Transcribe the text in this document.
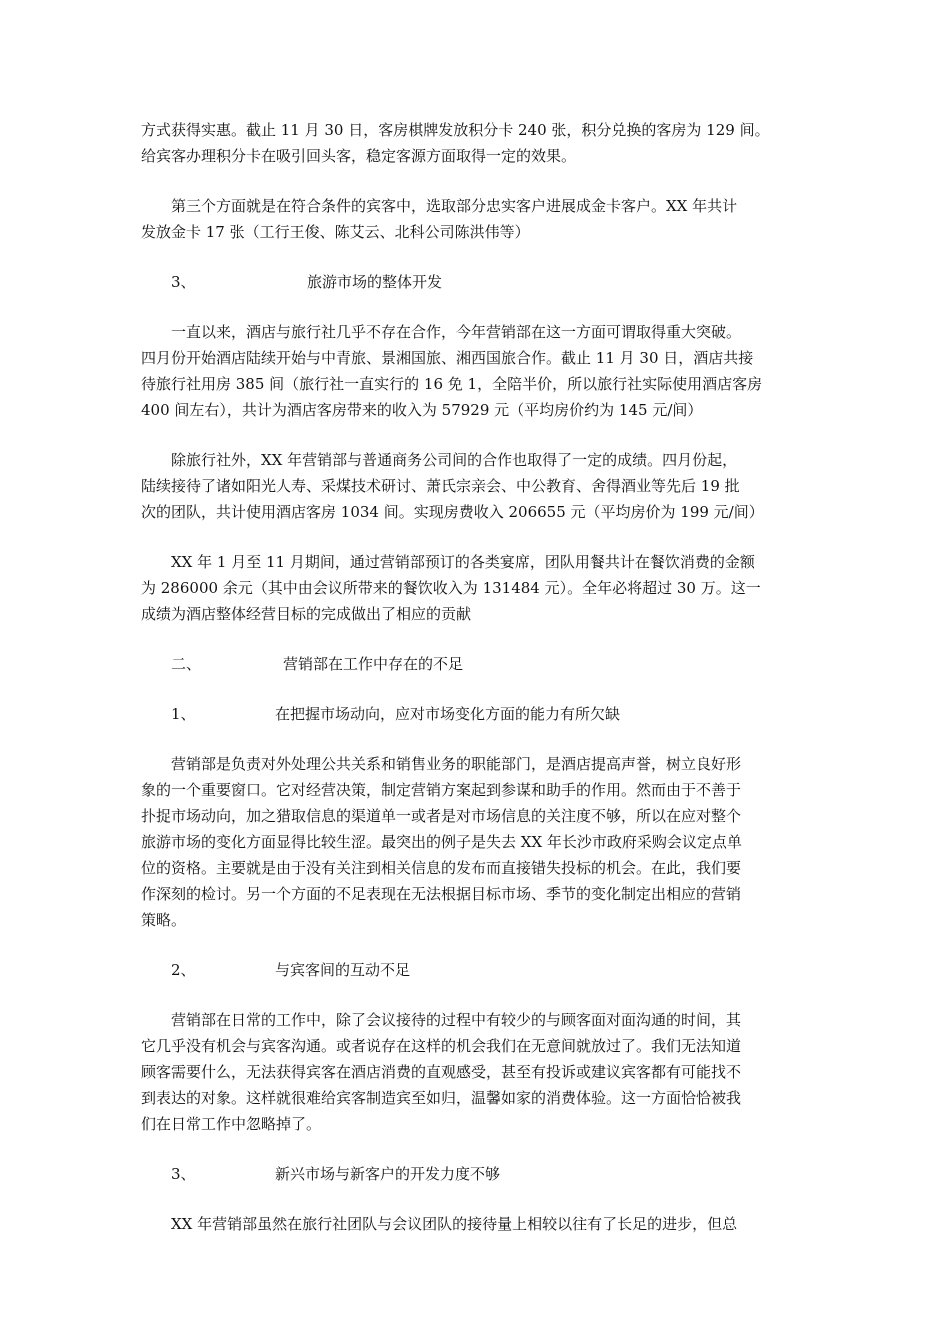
方式获得实惠。截止 11 月 30 日，客房棋牌发放积分卡 240 张，积分兑换的客房为 129 间。
给宾客办理积分卡在吸引回头客，稳定客源方面取得一定的效果。
第三个方面就是在符合条件的宾客中，选取部分忠实客户进展成金卡客户。XX 年共计
发放金卡 17 张（工行王俊、陈艾云、北科公司陈洪伟等）
3、	旅游市场的整体开发
一直以来，酒店与旅行社几乎不存在合作，今年营销部在这一方面可谓取得重大突破。
四月份开始酒店陆续开始与中青旅、景湘国旅、湘西国旅合作。截止 11 月 30 日，酒店共接
待旅行社用房 385 间（旅行社一直实行的 16 免 1，全陪半价，所以旅行社实际使用酒店客房
400 间左右），共计为酒店客房带来的收入为 57929 元（平均房价约为 145 元/间）
除旅行社外，XX 年营销部与普通商务公司间的合作也取得了一定的成绩。四月份起，
陆续接待了诸如阳光人寿、采煤技术研讨、萧氏宗亲会、中公教育、舍得酒业等先后 19 批
次的团队，共计使用酒店客房 1034 间。实现房费收入 206655 元（平均房价为 199 元/间）
XX 年 1 月至 11 月期间，通过营销部预订的各类宴席，团队用餐共计在餐饮消费的金额
为 286000 余元（其中由会议所带来的餐饮收入为 131484 元）。全年必将超过 30 万。这一
成绩为酒店整体经营目标的完成做出了相应的贡献
二、	营销部在工作中存在的不足
1、	在把握市场动向，应对市场变化方面的能力有所欠缺
营销部是负责对外处理公共关系和销售业务的职能部门，是酒店提高声誉，树立良好形
象的一个重要窗口。它对经营决策，制定营销方案起到参谋和助手的作用。然而由于不善于
扑捉市场动向，加之猎取信息的渠道单一或者是对市场信息的关注度不够，所以在应对整个
旅游市场的变化方面显得比较生涩。最突出的例子是失去 XX 年长沙市政府采购会议定点单
位的资格。主要就是由于没有关注到相关信息的发布而直接错失投标的机会。在此，我们要
作深刻的检讨。另一个方面的不足表现在无法根据目标市场、季节的变化制定出相应的营销
策略。
2、	与宾客间的互动不足
营销部在日常的工作中，除了会议接待的过程中有较少的与顾客面对面沟通的时间，其
它几乎没有机会与宾客沟通。或者说存在这样的机会我们在无意间就放过了。我们无法知道
顾客需要什么，无法获得宾客在酒店消费的直观感受，甚至有投诉或建议宾客都有可能找不
到表达的对象。这样就很难给宾客制造宾至如归，温馨如家的消费体验。这一方面恰恰被我
们在日常工作中忽略掉了。
3、	新兴市场与新客户的开发力度不够
XX 年营销部虽然在旅行社团队与会议团队的接待量上相较以往有了长足的进步，但总
